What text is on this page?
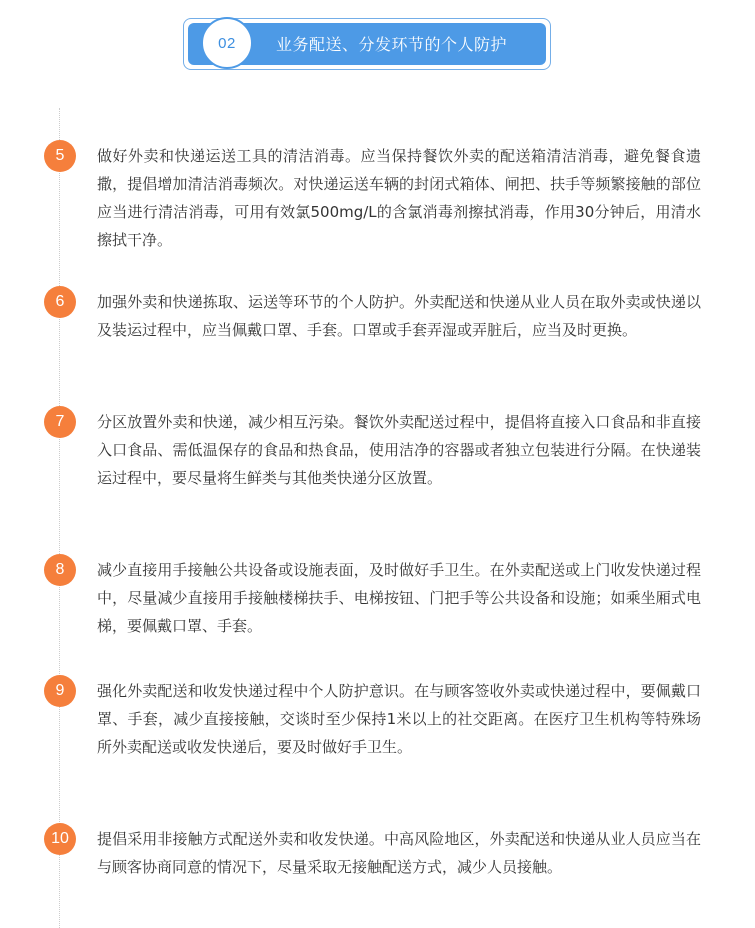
02	业务配送、分发环节的个人防护
5	做好外卖和快递运送工具的清洁消毒。应当保持餐饮外卖的配送箱清洁消毒，避免餐食遗撒，提倡增加清洁消毒频次。对快递运送车辆的封闭式箱体、闸把、扶手等频繁接触的部位应当进行清洁消毒，可用有效氯500mg/L的含氯消毒剂擦拭消毒，作用30分钟后，用清水擦拭干净。

6	加强外卖和快递拣取、运送等环节的个人防护。外卖配送和快递从业人员在取外卖或快递以及装运过程中，应当佩戴口罩、手套。口罩或手套弄湿或弄脏后，应当及时更换。

7	分区放置外卖和快递，减少相互污染。餐饮外卖配送过程中，提倡将直接入口食品和非直接入口食品、需低温保存的食品和热食品，使用洁净的容器或者独立包装进行分隔。在快递装运过程中，要尽量将生鲜类与其他类快递分区放置。

8	减少直接用手接触公共设备或设施表面，及时做好手卫生。在外卖配送或上门收发快递过程中，尽量减少直接用手接触楼梯扶手、电梯按钮、门把手等公共设备和设施；如乘坐厢式电梯，要佩戴口罩、手套。

9	强化外卖配送和收发快递过程中个人防护意识。在与顾客签收外卖或快递过程中，要佩戴口罩、手套，减少直接接触，交谈时至少保持1米以上的社交距离。在医疗卫生机构等特殊场所外卖配送或收发快递后，要及时做好手卫生。

10	提倡采用非接触方式配送外卖和收发快递。中高风险地区，外卖配送和快递从业人员应当在与顾客协商同意的情况下，尽量采取无接触配送方式，减少人员接触。
